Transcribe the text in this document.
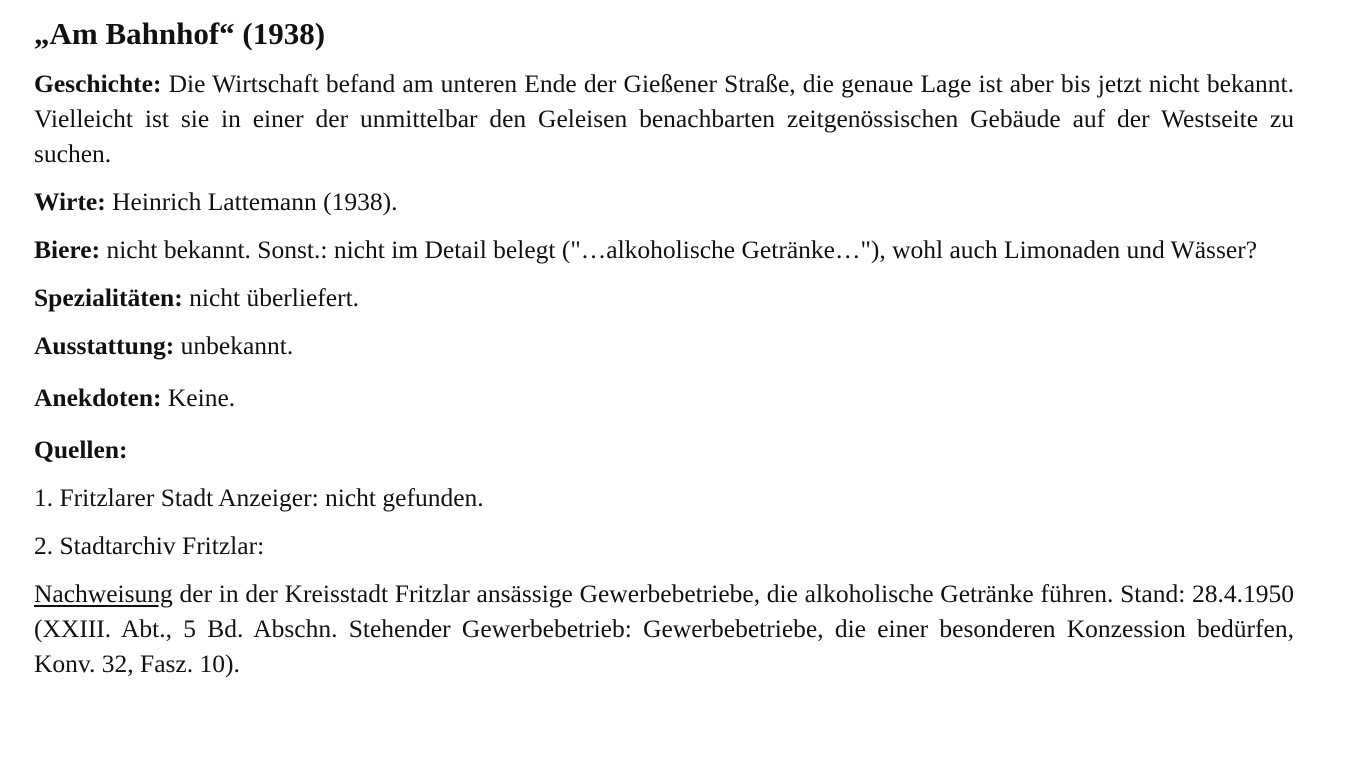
„Am Bahnhof“ (1938)

Geschichte: Die Wirtschaft befand am unteren Ende der Gießener Straße, die genaue Lage ist aber bis jetzt nicht bekannt. Vielleicht ist sie in einer der unmittelbar den Geleisen benachbarten zeitgenössischen Gebäude auf der Westseite zu suchen.

Wirte: Heinrich Lattemann (1938).

Biere: nicht bekannt. Sonst.: nicht im Detail belegt ("…alkoholische Getränke…"), wohl auch Limonaden und Wässer?

Spezialitäten: nicht überliefert.

Ausstattung: unbekannt.

Anekdoten: Keine.

Quellen:

1. Fritzlarer Stadt Anzeiger: nicht gefunden.

2. Stadtarchiv Fritzlar:

Nachweisung der in der Kreisstadt Fritzlar ansässige Gewerbebetriebe, die alkoholische Getränke führen. Stand: 28.4.1950 (XXIII. Abt., 5 Bd. Abschn. Stehender Gewerbebetrieb: Gewerbebetriebe, die einer besonderen Konzession bedürfen, Konv. 32, Fasz. 10).
